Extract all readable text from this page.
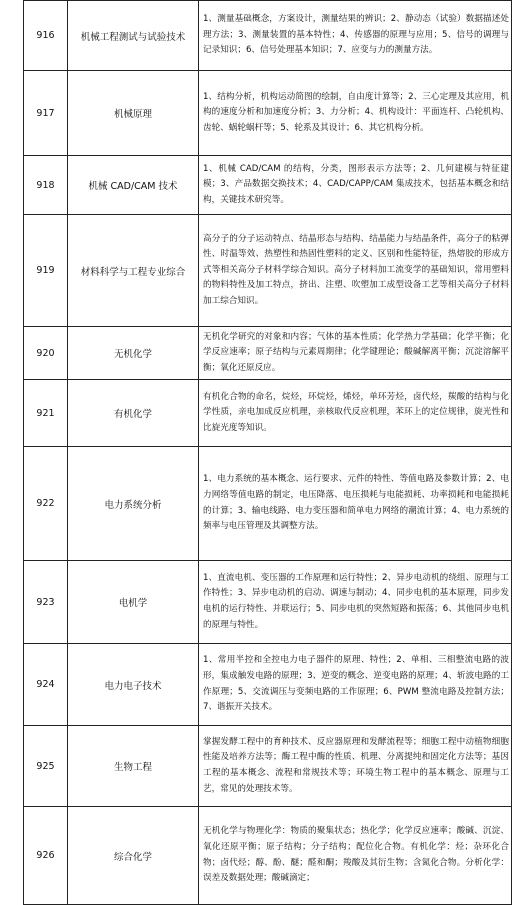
916	机械工程测试与试验技术	1、测量基础概念，方案设计，测量结果的辨识；2、静动态（试验）数据描述处理方法；3、测量装置的基本特性；4、传感器的原理与应用；5、信号的调理与记录知识；6、信号处理基本知识；7、应变与力的测量方法。
917	机械原理	1、结构分析，机构运动简图的绘制，自由度计算等；2、三心定理及其应用，机构的速度分析和加速度分析；3、力分析；4、机构设计：平面连杆、凸轮机构、齿轮、蜗轮蜗杆等；5、轮系及其设计；6、其它机构分析。
918	机械 CAD/CAM 技术	1、机械 CAD/CAM 的结构，分类，图形表示方法等；2、几何建模与特征建模；3、产品数据交换技术；4、CAD/CAPP/CAM 集成技术，包括基本概念和结构，关键技术研究等。
919	材料科学与工程专业综合	高分子的分子运动特点、结晶形态与结构、结晶能力与结晶条件，高分子的粘弹性、时温等效、热塑性和热固性塑料的定义、区别和性能特征，热熔胶的形成方式等相关高分子材料学综合知识。高分子材料加工流变学的基础知识，常用塑料的物料特性及加工特点，挤出、注塑、吹塑加工成型设备工艺等相关高分子材料加工综合知识。
920	无机化学	无机化学研究的对象和内容；气体的基本性质；化学热力学基础；化学平衡；化学反应速率；原子结构与元素周期律；化学键理论；酸碱解离平衡；沉淀溶解平衡；氧化还原反应。
921	有机化学	有机化合物的命名，烷烃，环烷烃，烯烃，单环芳烃，卤代烃，羰酸的结构与化学性质，亲电加成反应机理，亲核取代反应机理，苯环上的定位规律，旋光性和比旋光度等知识。
922	电力系统分析	1、电力系统的基本概念、运行要求、元件的特性、等值电路及参数计算；2、电力网络等值电路的制定，电压降落、电压损耗与电能损耗、功率损耗和电能损耗的计算；3、输电线路、电力变压器和简单电力网络的潮流计算；4、电力系统的频率与电压管理及其调整方法。
923	电机学	1、直流电机、变压器的工作原理和运行特性；2、异步电动机的绕组、原理与工作特性；3、异步电动机的启动、调速与制动；4、同步电机的基本原理，同步发电机的运行特性、并联运行；5、同步电机的突然短路和振荡；6、其他同步电机的原理与特性。
924	电力电子技术	1、常用半控和全控电力电子器件的原理、特性；2、单相、三相整流电路的波形，集成触发电路的原理；3、逆变的概念、逆变电路的原理；4、斩波电路的工作原理；5、交流调压与变频电路的工作原理；6、PWM 整流电路及控制方法；7、谐振开关技术。
925	生物工程	掌握发酵工程中的育种技术、反应器原理和发酵流程等；细胞工程中动植物细胞性能及培养方法等；酶工程中酶的性质、机理、分离提纯和固定化方法等；基因工程的基本概念、流程和常规技术等；环境生物工程中的基本概念、原理与工艺，常见的处理技术等。
926	综合化学	无机化学与物理化学：物质的聚集状态；热化学；化学反应速率；酸碱、沉淀、氧化还原平衡；原子结构；分子结构；配位化合物。有机化学：烃；杂环化合物；卤代烃；醇、酚、醚；醛和酮；羧酸及其衍生物；含氮化合物。分析化学：误差及数据处理；酸碱滴定；
